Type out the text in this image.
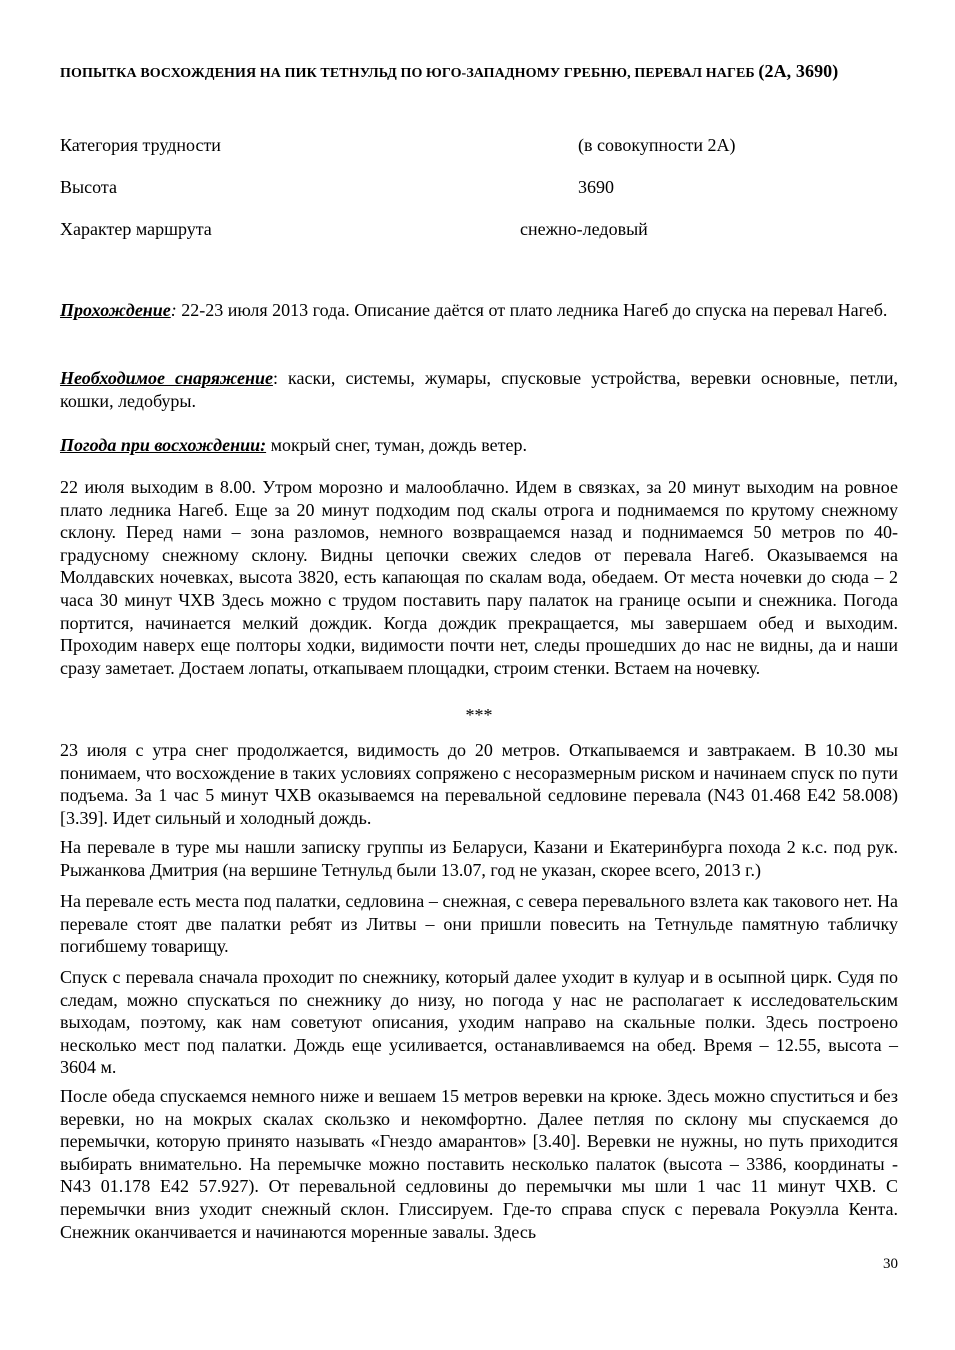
ПОПЫТКА ВОСХОЖДЕНИЯ НА ПИК ТЕТНУЛЬД ПО ЮГО-ЗАПАДНОМУ ГРЕБНЮ, ПЕРЕВАЛ НАГЕБ (2А, 3690)
Категория трудности	(в совокупности 2А)
Высота	3690
Характер маршрута	снежно-ледовый

Прохождение: 22-23 июля 2013 года. Описание даётся от плато ледника Нагеб до спуска на перевал Нагеб.

Необходимое снаряжение: каски, системы, жумары, спусковые устройства, веревки основные, петли, кошки, ледобуры.

Погода при восхождении: мокрый снег, туман, дождь ветер.

22 июля выходим в 8.00. Утром морозно и малооблачно. Идем в связках, за 20 минут выходим на ровное плато ледника Нагеб. Еще за 20 минут подходим под скалы отрога и поднимаемся по крутому снежному склону. Перед нами – зона разломов, немного возвращаемся назад и поднимаемся 50 метров по 40-градусному снежному склону. Видны цепочки свежих следов от перевала Нагеб. Оказываемся на Молдавских ночевках, высота 3820, есть капающая по скалам вода, обедаем. От места ночевки до сюда – 2 часа 30 минут ЧХВ Здесь можно с трудом поставить пару палаток на границе осыпи и снежника. Погода портится, начинается мелкий дождик. Когда дождик прекращается, мы завершаем обед и выходим. Проходим наверх еще полторы ходки, видимости почти нет, следы прошедших до нас не видны, да и наши сразу заметает. Достаем лопаты, откапываем площадки, строим стенки. Встаем на ночевку.

***

23 июля с утра снег продолжается, видимость до 20 метров. Откапываемся и завтракаем. В 10.30 мы понимаем, что восхождение в таких условиях сопряжено с несоразмерным риском и начинаем спуск по пути подъема. За 1 час 5 минут ЧХВ оказываемся на перевальной седловине перевала (N43 01.468 E42 58.008) [3.39]. Идет сильный и холодный дождь.

На перевале в туре мы нашли записку группы из Беларуси, Казани и Екатеринбурга похода 2 к.с. под рук. Рыжанкова Дмитрия (на вершине Тетнульд были 13.07, год не указан, скорее всего, 2013 г.)

На перевале есть места под палатки, седловина – снежная, с севера перевального взлета как такового нет. На перевале стоят две палатки ребят из Литвы – они пришли повесить на Тетнульде памятную табличку погибшему товарищу.

Спуск с перевала сначала проходит по снежнику, который далее уходит в кулуар и в осыпной цирк. Судя по следам, можно спускаться по снежнику до низу, но погода у нас не располагает к исследовательским выходам, поэтому, как нам советуют описания, уходим направо на скальные полки. Здесь построено несколько мест под палатки. Дождь еще усиливается, останавливаемся на обед. Время – 12.55, высота – 3604 м.

После обеда спускаемся немного ниже и вешаем 15 метров веревки на крюке. Здесь можно спуститься и без веревки, но на мокрых скалах скользко и некомфортно. Далее петляя по склону мы спускаемся до перемычки, которую принято называть «Гнездо амарантов» [3.40]. Веревки не нужны, но путь приходится выбирать внимательно. На перемычке можно поставить несколько палаток (высота – 3386, координаты - N43 01.178 E42 57.927). От перевальной седловины до перемычки мы шли 1 час 11 минут ЧХВ. С перемычки вниз уходит снежный склон. Глиссируем. Где-то справа спуск с перевала Рокуэлла Кента. Снежник оканчивается и начинаются моренные завалы. Здесь

30
